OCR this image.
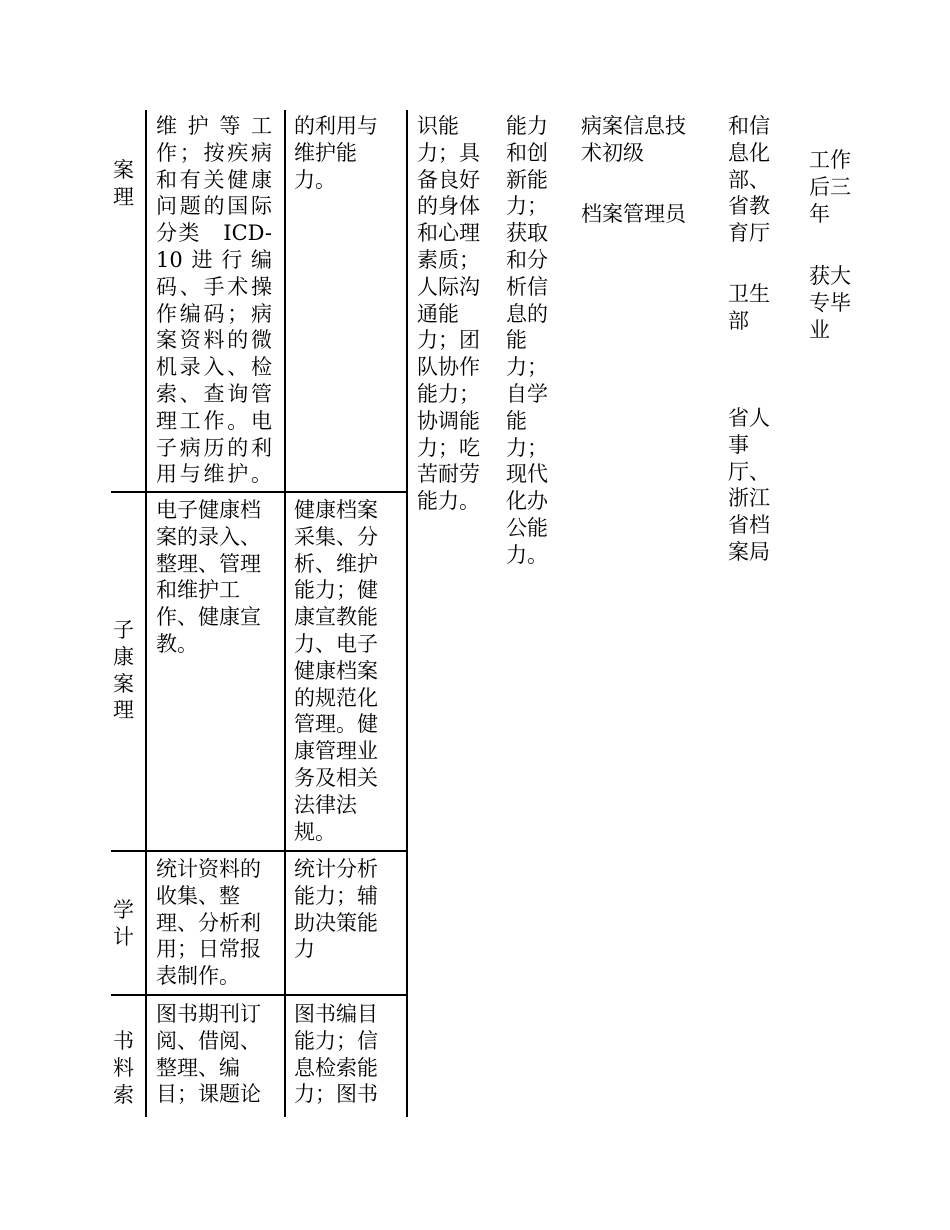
案
理
维护等工
作；按疾病
和有关健康
问题的国际
分类　ICD-
10进行编
码、手术操
作编码；病
案资料的微
机录入、检
索、查询管
理工作。电
子病历的利
用与维护。
的利用与
维护能
力。
子
康
案
理
电子健康档
案的录入、
整理、管理
和维护工
作、健康宣
教。
健康档案
采集、分
析、维护
能力；健
康宣教能
力、电子
健康档案
的规范化
管理。健
康管理业
务及相关
法律法
规。
学
计
统计资料的
收集、整
理、分析利
用；日常报
表制作。
统计分析
能力；辅
助决策能
力
书
料
索
图书期刊订
阅、借阅、
整理、编
目；课题论
图书编目
能力；信
息检索能
力；图书
识能
力；具
备良好
的身体
和心理
素质；
人际沟
通能
力；团
队协作
能力；
协调能
力；吃
苦耐劳
能力。
能力
和创
新能
力；
获取
和分
析信
息的
能
力；
自学
能
力；
现代
化办
公能
力。
病案信息技
术初级
档案管理员
和信
息化
部、
省教
育厅
卫生
部
省人
事
厅、
浙江
省档
案局
工作
后三
年
获大
专毕
业
